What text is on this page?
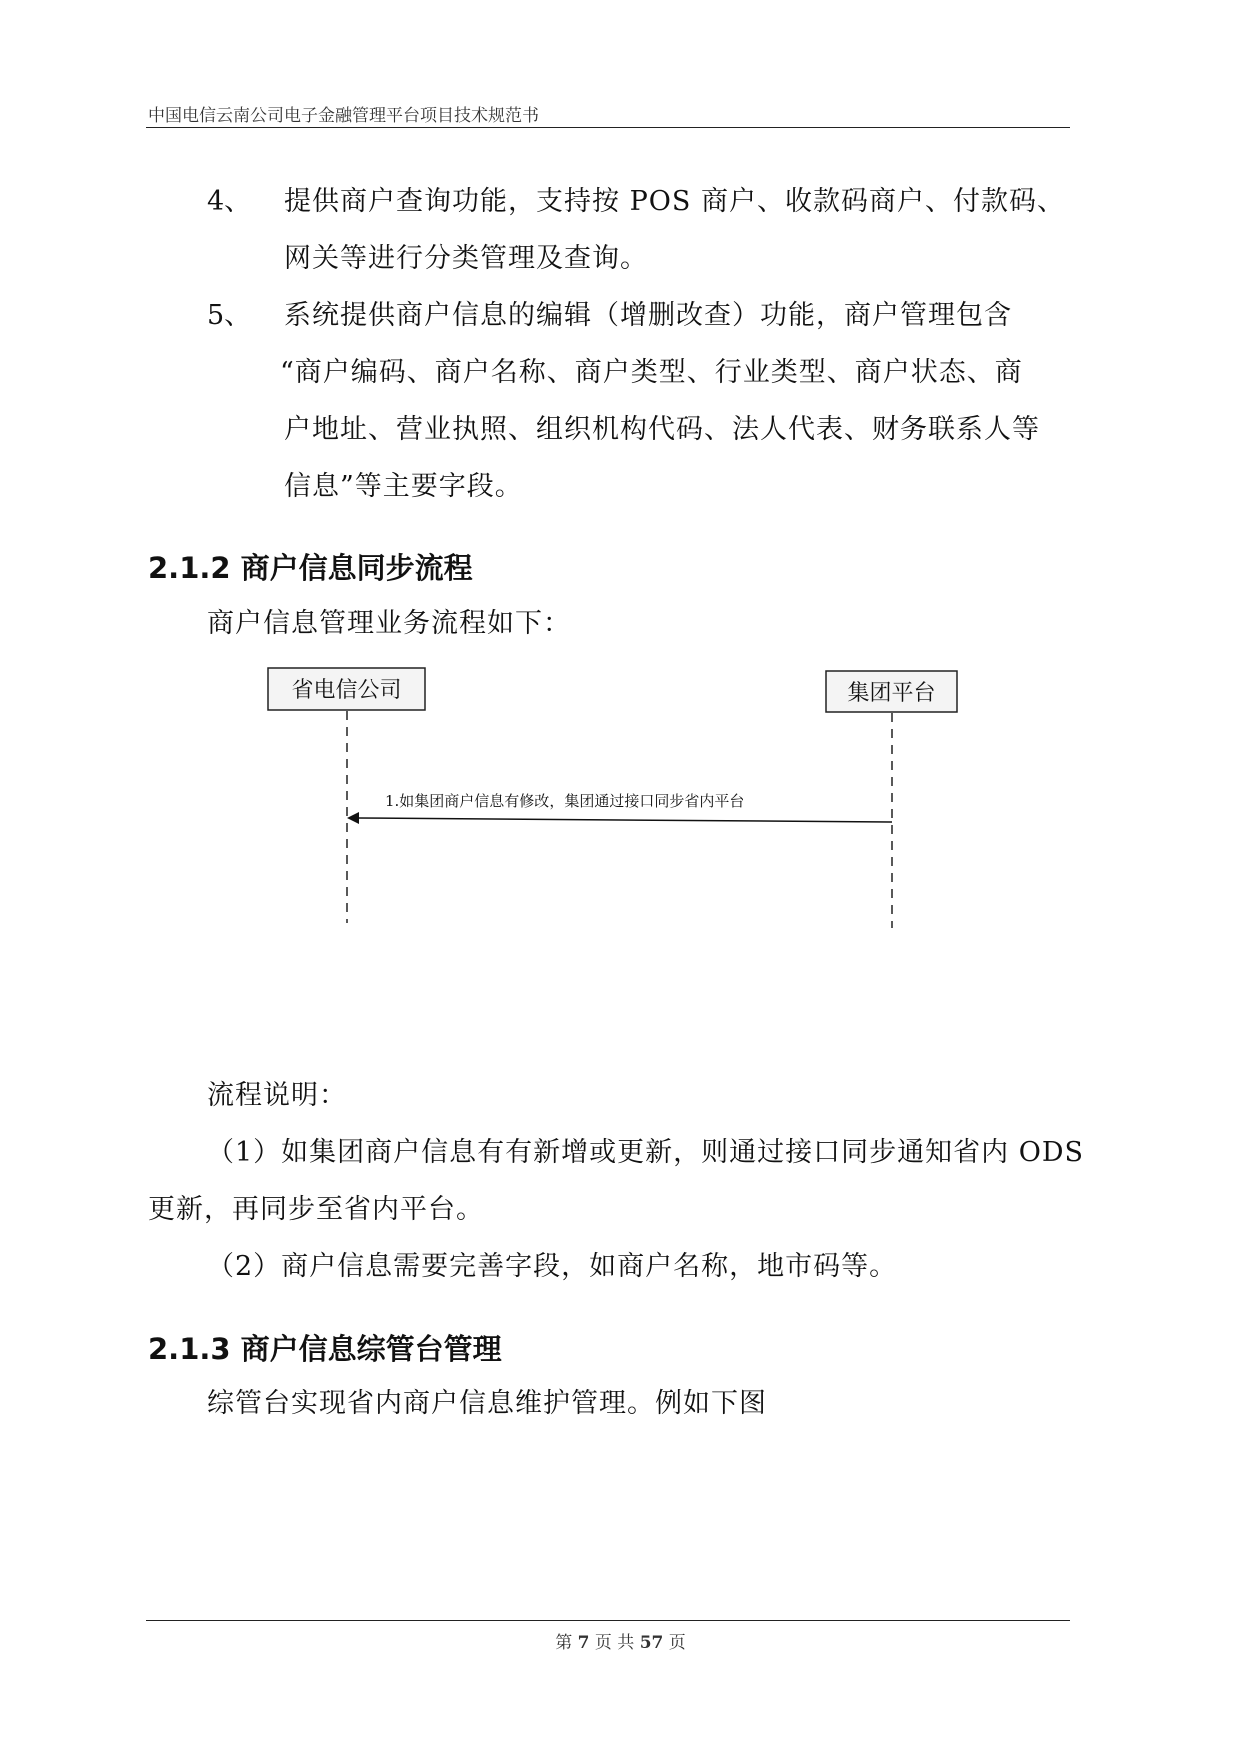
中国电信云南公司电子金融管理平台项目技术规范书
4、 提供商户查询功能，支持按 POS 商户、收款码商户、付款码、
网关等进行分类管理及查询。
5、 系统提供商户信息的编辑（增删改查）功能，商户管理包含
“商户编码、商户名称、商户类型、行业类型、商户状态、商
户地址、营业执照、组织机构代码、法人代表、财务联系人等
信息”等主要字段。
2.1.2 商户信息同步流程
商户信息管理业务流程如下：
省电信公司	集团平台
1.如集团商户信息有修改，集团通过接口同步省内平台
流程说明：
（1）如集团商户信息有有新增或更新，则通过接口同步通知省内 ODS
更新，再同步至省内平台。
（2）商户信息需要完善字段，如商户名称，地市码等。
2.1.3 商户信息综管台管理
综管台实现省内商户信息维护管理。例如下图
第 7 页 共 57 页
